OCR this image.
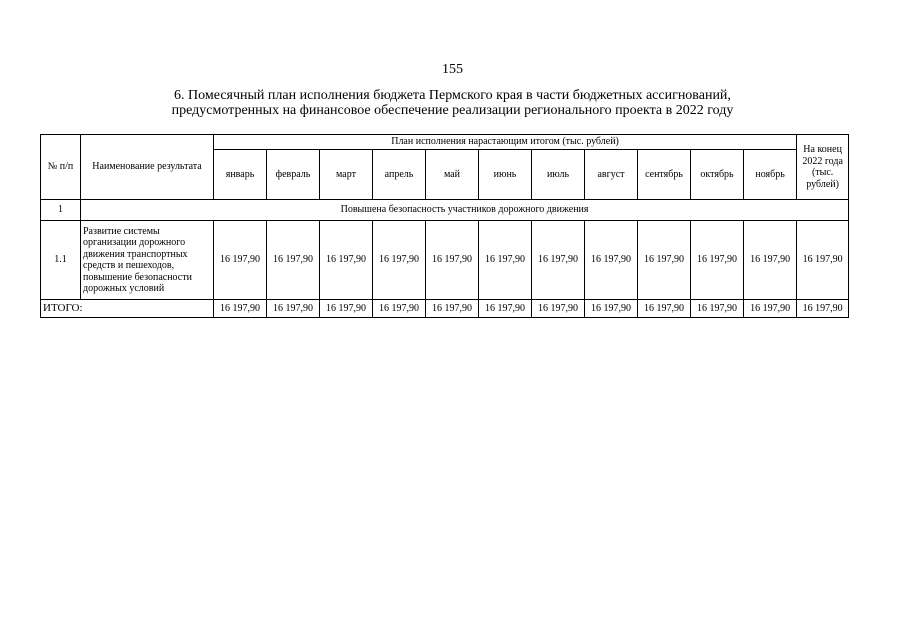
155
6. Помесячный план исполнения бюджета Пермского края в части бюджетных ассигнований,
предусмотренных на финансовое обеспечение реализации регионального проекта в 2022 году
№ п/п	Наименование результата	План исполнения нарастающим итогом (тыс. рублей)											На конец 2022 года (тыс. рублей)
		январь	февраль	март	апрель	май	июнь	июль	август	сентябрь	октябрь	ноябрь	
1	Повышена безопасность участников дорожного движения												
1.1	Развитие системы организации дорожного движения транспортных средств и пешеходов, повышение безопасности дорожных условий	16 197,90	16 197,90	16 197,90	16 197,90	16 197,90	16 197,90	16 197,90	16 197,90	16 197,90	16 197,90	16 197,90	16 197,90
ИТОГО:		16 197,90	16 197,90	16 197,90	16 197,90	16 197,90	16 197,90	16 197,90	16 197,90	16 197,90	16 197,90	16 197,90	16 197,90
